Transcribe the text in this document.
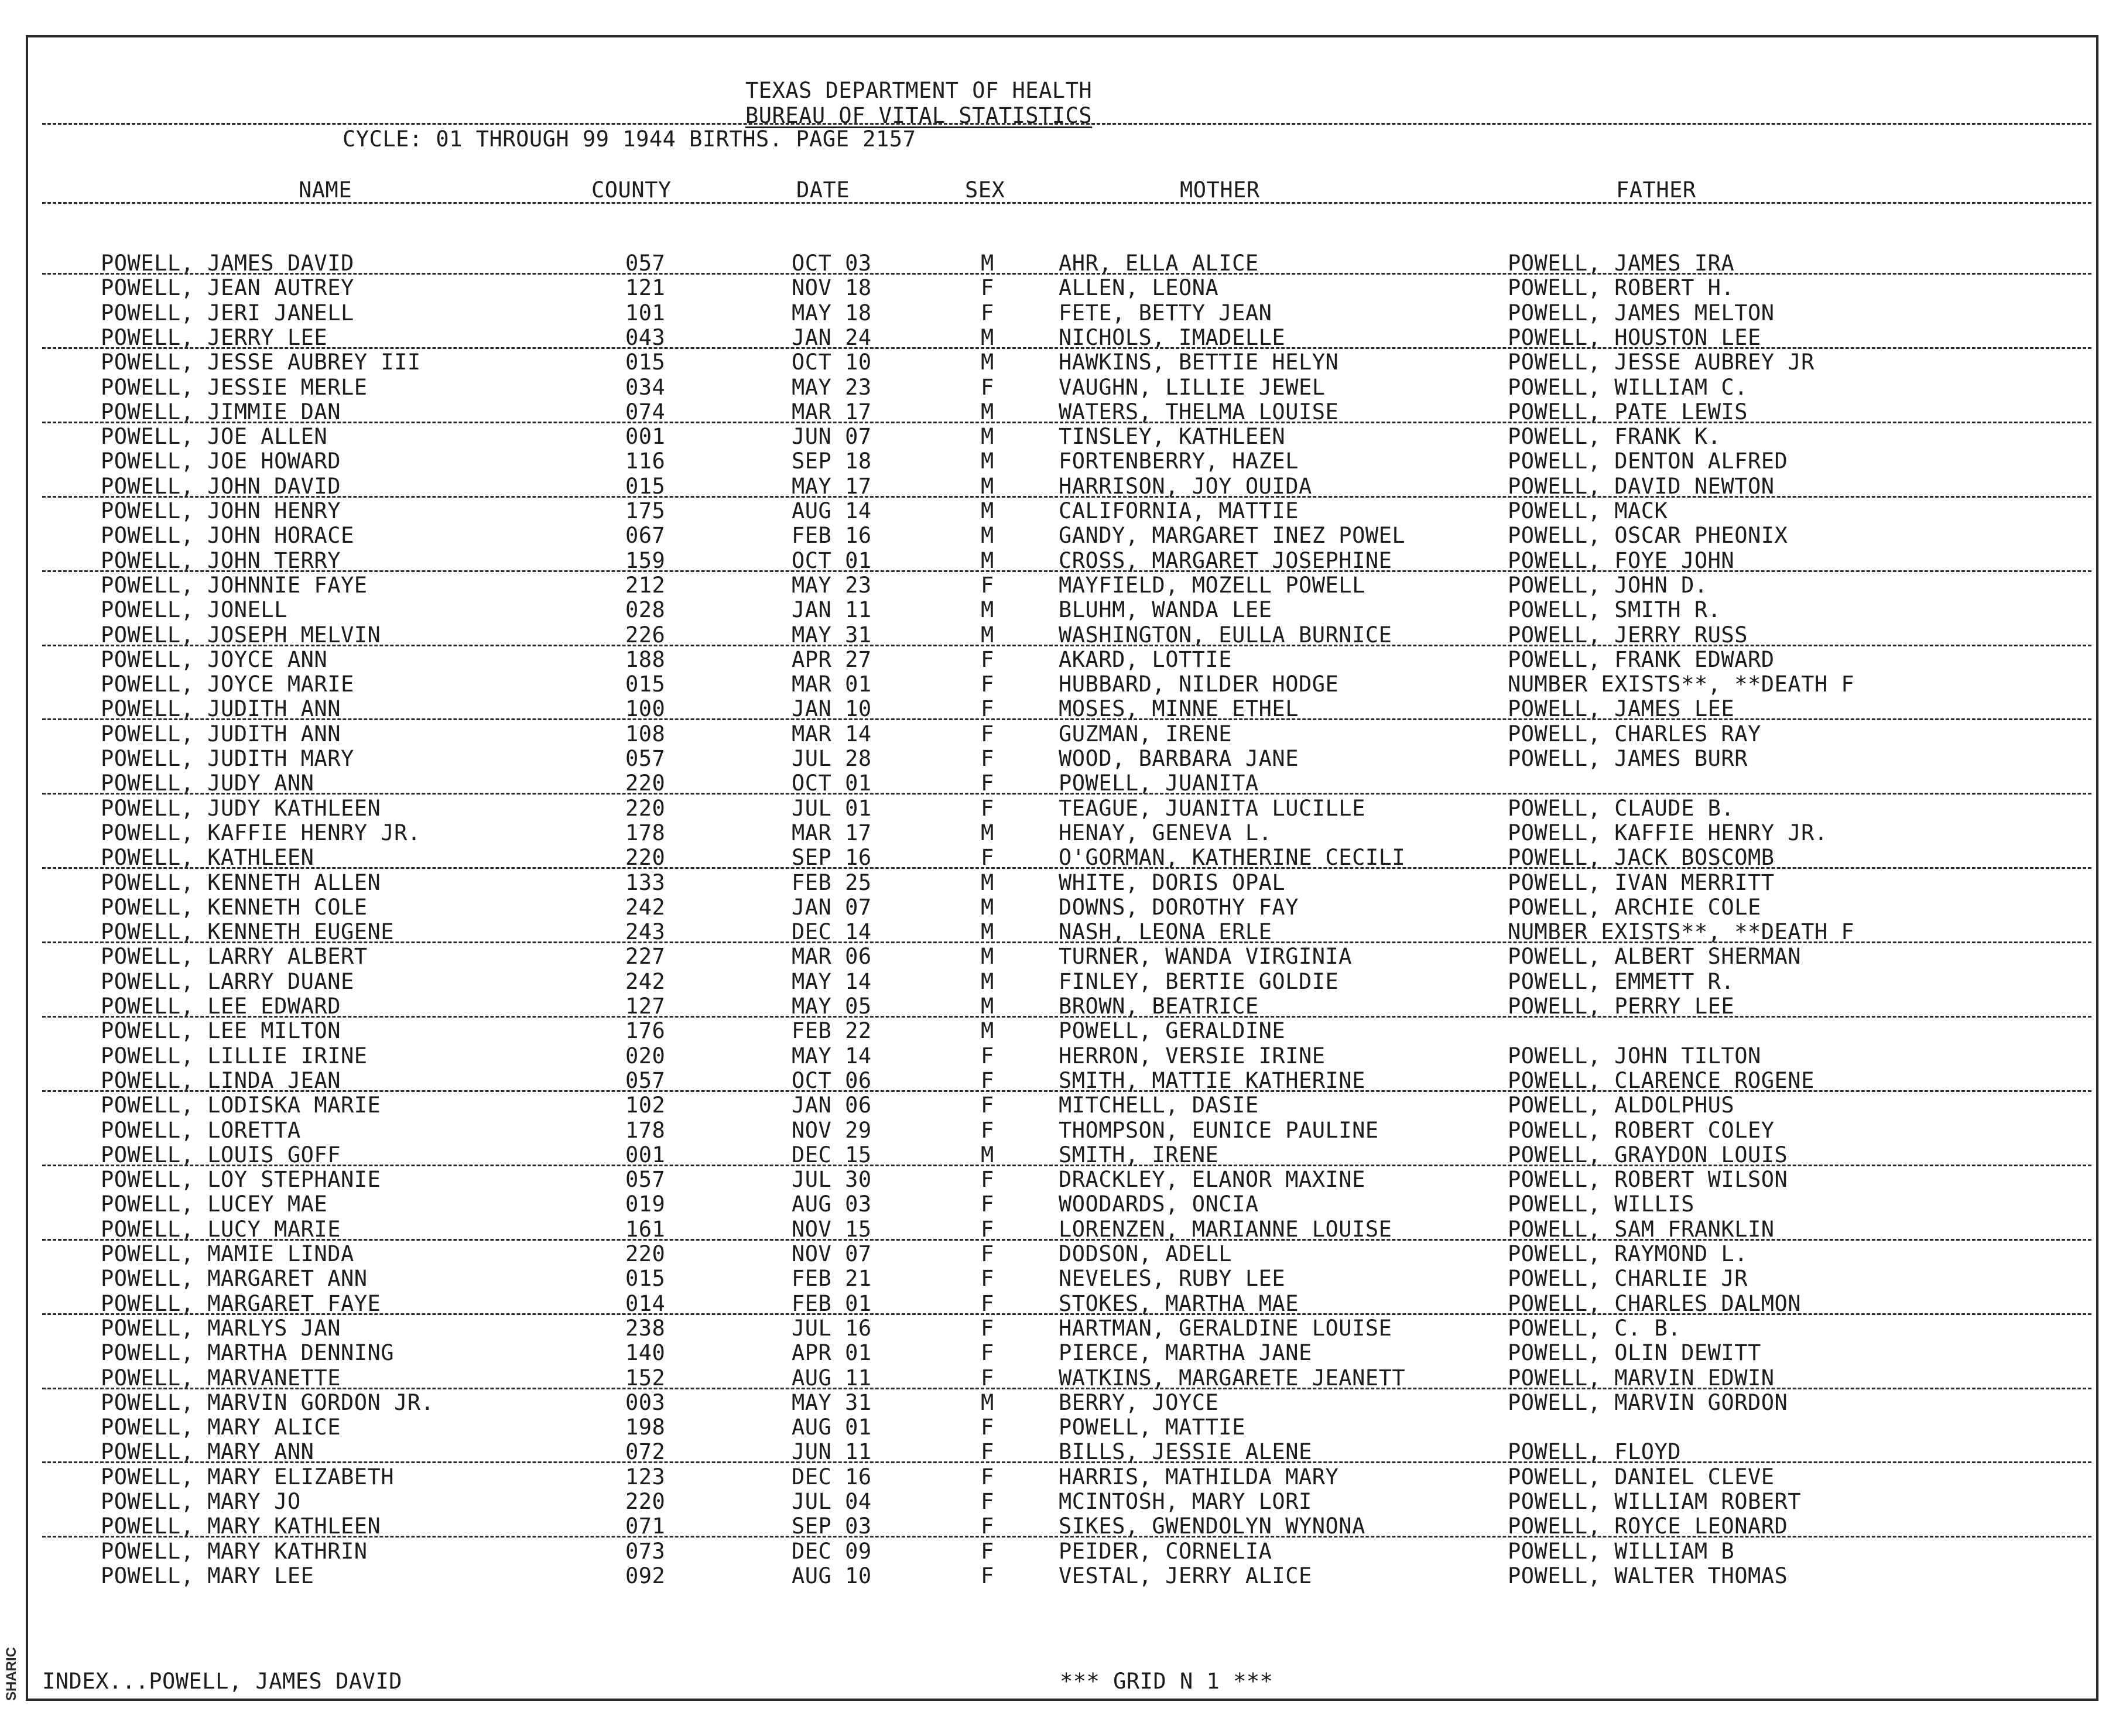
SHARIC
TEXAS DEPARTMENT OF HEALTH
BUREAU OF VITAL STATISTICS
CYCLE: 01 THROUGH 99 1944 BIRTHS. PAGE 2157
NAME	COUNTY	DATE	SEX	MOTHER	FATHER
POWELL, JAMES DAVID	057	OCT 03	M	AHR, ELLA ALICE	POWELL, JAMES IRA
POWELL, JEAN AUTREY	121	NOV 18	F	ALLEN, LEONA	POWELL, ROBERT H.
POWELL, JERI JANELL	101	MAY 18	F	FETE, BETTY JEAN	POWELL, JAMES MELTON
POWELL, JERRY LEE	043	JAN 24	M	NICHOLS, IMADELLE	POWELL, HOUSTON LEE
POWELL, JESSE AUBREY III	015	OCT 10	M	HAWKINS, BETTIE HELYN	POWELL, JESSE AUBREY JR
POWELL, JESSIE MERLE	034	MAY 23	F	VAUGHN, LILLIE JEWEL	POWELL, WILLIAM C.
POWELL, JIMMIE DAN	074	MAR 17	M	WATERS, THELMA LOUISE	POWELL, PATE LEWIS
POWELL, JOE ALLEN	001	JUN 07	M	TINSLEY, KATHLEEN	POWELL, FRANK K.
POWELL, JOE HOWARD	116	SEP 18	M	FORTENBERRY, HAZEL	POWELL, DENTON ALFRED
POWELL, JOHN DAVID	015	MAY 17	M	HARRISON, JOY OUIDA	POWELL, DAVID NEWTON
POWELL, JOHN HENRY	175	AUG 14	M	CALIFORNIA, MATTIE	POWELL, MACK
POWELL, JOHN HORACE	067	FEB 16	M	GANDY, MARGARET INEZ POWEL	POWELL, OSCAR PHEONIX
POWELL, JOHN TERRY	159	OCT 01	M	CROSS, MARGARET JOSEPHINE	POWELL, FOYE JOHN
POWELL, JOHNNIE FAYE	212	MAY 23	F	MAYFIELD, MOZELL POWELL	POWELL, JOHN D.
POWELL, JONELL	028	JAN 11	M	BLUHM, WANDA LEE	POWELL, SMITH R.
POWELL, JOSEPH MELVIN	226	MAY 31	M	WASHINGTON, EULLA BURNICE	POWELL, JERRY RUSS
POWELL, JOYCE ANN	188	APR 27	F	AKARD, LOTTIE	POWELL, FRANK EDWARD
POWELL, JOYCE MARIE	015	MAR 01	F	HUBBARD, NILDER HODGE	NUMBER EXISTS**, **DEATH F
POWELL, JUDITH ANN	100	JAN 10	F	MOSES, MINNE ETHEL	POWELL, JAMES LEE
POWELL, JUDITH ANN	108	MAR 14	F	GUZMAN, IRENE	POWELL, CHARLES RAY
POWELL, JUDITH MARY	057	JUL 28	F	WOOD, BARBARA JANE	POWELL, JAMES BURR
POWELL, JUDY ANN	220	OCT 01	F	POWELL, JUANITA
POWELL, JUDY KATHLEEN	220	JUL 01	F	TEAGUE, JUANITA LUCILLE	POWELL, CLAUDE B.
POWELL, KAFFIE HENRY JR.	178	MAR 17	M	HENAY, GENEVA L.	POWELL, KAFFIE HENRY JR.
POWELL, KATHLEEN	220	SEP 16	F	O'GORMAN, KATHERINE CECILI	POWELL, JACK BOSCOMB
POWELL, KENNETH ALLEN	133	FEB 25	M	WHITE, DORIS OPAL	POWELL, IVAN MERRITT
POWELL, KENNETH COLE	242	JAN 07	M	DOWNS, DOROTHY FAY	POWELL, ARCHIE COLE
POWELL, KENNETH EUGENE	243	DEC 14	M	NASH, LEONA ERLE	NUMBER EXISTS**, **DEATH F
POWELL, LARRY ALBERT	227	MAR 06	M	TURNER, WANDA VIRGINIA	POWELL, ALBERT SHERMAN
POWELL, LARRY DUANE	242	MAY 14	M	FINLEY, BERTIE GOLDIE	POWELL, EMMETT R.
POWELL, LEE EDWARD	127	MAY 05	M	BROWN, BEATRICE	POWELL, PERRY LEE
POWELL, LEE MILTON	176	FEB 22	M	POWELL, GERALDINE
POWELL, LILLIE IRINE	020	MAY 14	F	HERRON, VERSIE IRINE	POWELL, JOHN TILTON
POWELL, LINDA JEAN	057	OCT 06	F	SMITH, MATTIE KATHERINE	POWELL, CLARENCE ROGENE
POWELL, LODISKA MARIE	102	JAN 06	F	MITCHELL, DASIE	POWELL, ALDOLPHUS
POWELL, LORETTA	178	NOV 29	F	THOMPSON, EUNICE PAULINE	POWELL, ROBERT COLEY
POWELL, LOUIS GOFF	001	DEC 15	M	SMITH, IRENE	POWELL, GRAYDON LOUIS
POWELL, LOY STEPHANIE	057	JUL 30	F	DRACKLEY, ELANOR MAXINE	POWELL, ROBERT WILSON
POWELL, LUCEY MAE	019	AUG 03	F	WOODARDS, ONCIA	POWELL, WILLIS
POWELL, LUCY MARIE	161	NOV 15	F	LORENZEN, MARIANNE LOUISE	POWELL, SAM FRANKLIN
POWELL, MAMIE LINDA	220	NOV 07	F	DODSON, ADELL	POWELL, RAYMOND L.
POWELL, MARGARET ANN	015	FEB 21	F	NEVELES, RUBY LEE	POWELL, CHARLIE JR
POWELL, MARGARET FAYE	014	FEB 01	F	STOKES, MARTHA MAE	POWELL, CHARLES DALMON
POWELL, MARLYS JAN	238	JUL 16	F	HARTMAN, GERALDINE LOUISE	POWELL, C. B.
POWELL, MARTHA DENNING	140	APR 01	F	PIERCE, MARTHA JANE	POWELL, OLIN DEWITT
POWELL, MARVANETTE	152	AUG 11	F	WATKINS, MARGARETE JEANETT	POWELL, MARVIN EDWIN
POWELL, MARVIN GORDON JR.	003	MAY 31	M	BERRY, JOYCE	POWELL, MARVIN GORDON
POWELL, MARY ALICE	198	AUG 01	F	POWELL, MATTIE
POWELL, MARY ANN	072	JUN 11	F	BILLS, JESSIE ALENE	POWELL, FLOYD
POWELL, MARY ELIZABETH	123	DEC 16	F	HARRIS, MATHILDA MARY	POWELL, DANIEL CLEVE
POWELL, MARY JO	220	JUL 04	F	MCINTOSH, MARY LORI	POWELL, WILLIAM ROBERT
POWELL, MARY KATHLEEN	071	SEP 03	F	SIKES, GWENDOLYN WYNONA	POWELL, ROYCE LEONARD
POWELL, MARY KATHRIN	073	DEC 09	F	PEIDER, CORNELIA	POWELL, WILLIAM B
POWELL, MARY LEE	092	AUG 10	F	VESTAL, JERRY ALICE	POWELL, WALTER THOMAS
INDEX...POWELL, JAMES DAVID	*** GRID N 1 ***
